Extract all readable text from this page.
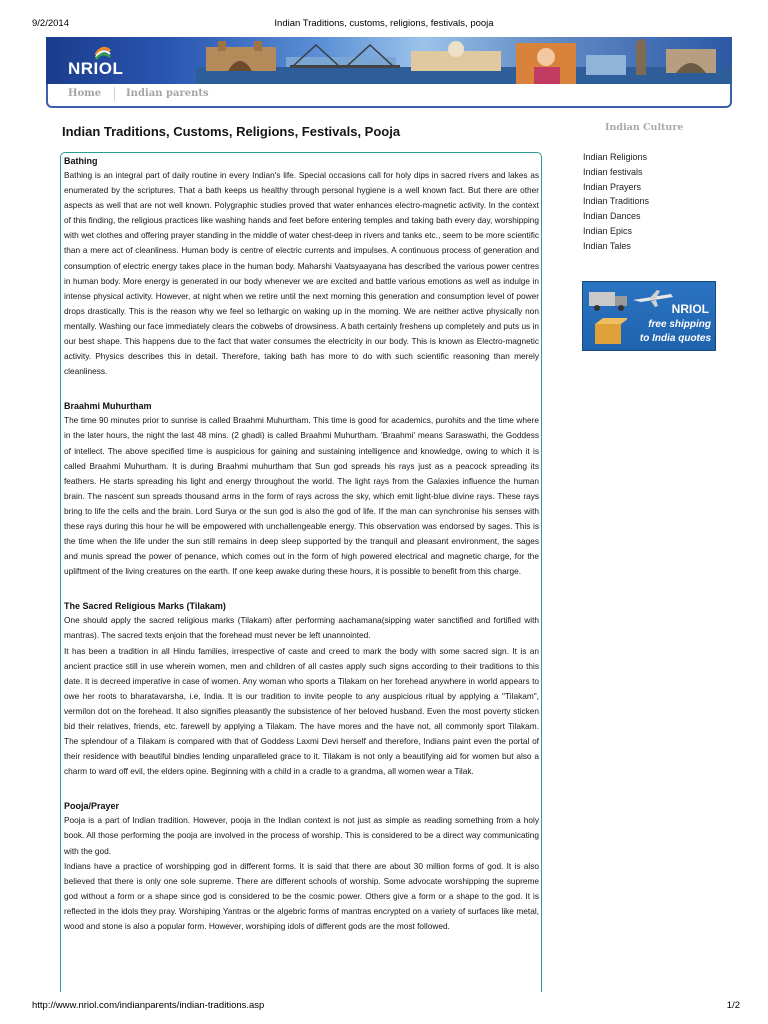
9/2/2014	Indian Traditions, customs, religions, festivals, pooja
NRIOL
Home Indian parents
Indian Traditions, Customs, Religions, Festivals, Pooja
Bathing

Bathing is an integral part of daily routine in every Indian's life. Special occasions call for holy dips in sacred rivers and lakes as enumerated by the scriptures. That a bath keeps us healthy through personal hygiene is a well known fact. But there are other aspects as well that are not well known. Polygraphic studies proved that water enhances electro-magnetic activity. In the context of this finding, the religious practices like washing hands and feet before entering temples and taking bath every day, worshipping with wet clothes and offering prayer standing in the middle of water chest-deep in rivers and tanks etc., seem to be more scientific than a mere act of cleanliness. Human body is centre of electric currents and impulses. A continuous process of generation and consumption of electric energy takes place in the human body. Maharshi Vaatsyaayana has described the various power centres in human body. More energy is generated in our body whenever we are excited and battle various emotions as well as indulge in intense physical activity. However, at night when we retire until the next morning this generation and consumption level of power drops drastically. This is the reason why we feel so lethargic on waking up in the morning. We are neither active physically non mentally. Washing our face immediately clears the cobwebs of drowsiness. A bath certainly freshens up completely and puts us in our best shape. This happens due to the fact that water consumes the electricity in our body. This is known as Electro-magnetic activity. Physics describes this in detail. Therefore, taking bath has more to do with such scientific reasoning than merely cleanliness.

Braahmi Muhurtham

The time 90 minutes prior to sunrise is called Braahmi Muhurtham. This time is good for academics, purohits and the time where in the later hours, the night the last 48 mins. (2 ghadi) is called Braahmi Muhurtham. 'Braahmi' means Saraswathi, the Goddess of intellect. The above specified time is auspicious for gaining and sustaining intelligence and knowledge, owing to which it is called Braahmi Muhurtham. It is during Braahmi muhurtham that Sun god spreads his rays just as a peacock spreading its feathers. He starts spreading his light and energy throughout the world. The light rays from the Galaxies influence the human brain. The nascent sun spreads thousand arms in the form of rays across the sky, which emit light-blue divine rays. These rays bring to life the cells and the brain. Lord Surya or the sun god is also the god of life. If the man can synchronise his senses with these rays during this hour he will be empowered with unchallengeable energy. This observation was endorsed by sages. This is the time when the life under the sun still remains in deep sleep supported by the tranquil and pleasant environment, the sages and munis spread the power of penance, which comes out in the form of high powered electrical and magnetic charge, for the upliftment of the living creatures on the earth. If one keep awake during these hours, it is possible to benefit from this charge.

The Sacred Religious Marks (Tilakam)

One should apply the sacred religious marks (Tilakam) after performing aachamana(sipping water sanctified and fortified with mantras). The sacred texts enjoin that the forehead must never be left unannointed.

It has been a tradition in all Hindu families, irrespective of caste and creed to mark the body with some sacred sign. It is an ancient practice still in use wherein women, men and children of all castes apply such signs according to their traditions to this date. It is decreed imperative in case of women. Any woman who sports a Tilakam on her forehead anywhere in world appears to owe her roots to bharatavarsha, i.e, India. It is our tradition to invite people to any auspicious ritual by applying a "Tilakam", vermilon dot on the forehead. It also signifies pleasantly the subsistence of her beloved husband. Even the most poverty sticken bid their relatives, friends, etc. farewell by applying a Tilakam. The have mores and the have not, all commonly sport Tilakam. The splendour of a Tilakam is compared with that of Goddess Laxmi Devi herself and therefore, Indians paint even the portal of their residence with beautiful bindies lending unparalleled grace to it. Tilakam is not only a beautifying aid for women but also a charm to ward off evil, the elders opine. Beginning with a child in a cradle to a grandma, all women wear a Tilak.

Pooja/Prayer

Pooja is a part of Indian tradition. However, pooja in the Indian context is not just as simple as reading something from a holy book. All those performing the pooja are involved in the process of worship. This is considered to be a direct way communicating with the god.

Indians have a practice of worshipping god in different forms. It is said that there are about 30 million forms of god. It is also believed that there is only one sole supreme. There are different schools of worship. Some advocate worshipping the supreme god without a form or a shape since god is considered to be the cosmic power. Others give a form or a shape to the god. It is reflected in the idols they pray. Worshiping Yantras or the algebric forms of mantras encrypted on a variety of surfaces like metal, wood and stone is also a popular form. However, worshiping idols of different gods are the most followed.

Indian Culture
Indian Religions
Indian festivals
Indian Prayers
Indian Traditions
Indian Dances
Indian Epics
Indian Tales
NRIOL
free shipping
to India quotes
http://www.nriol.com/indianparents/indian-traditions.asp	1/2
